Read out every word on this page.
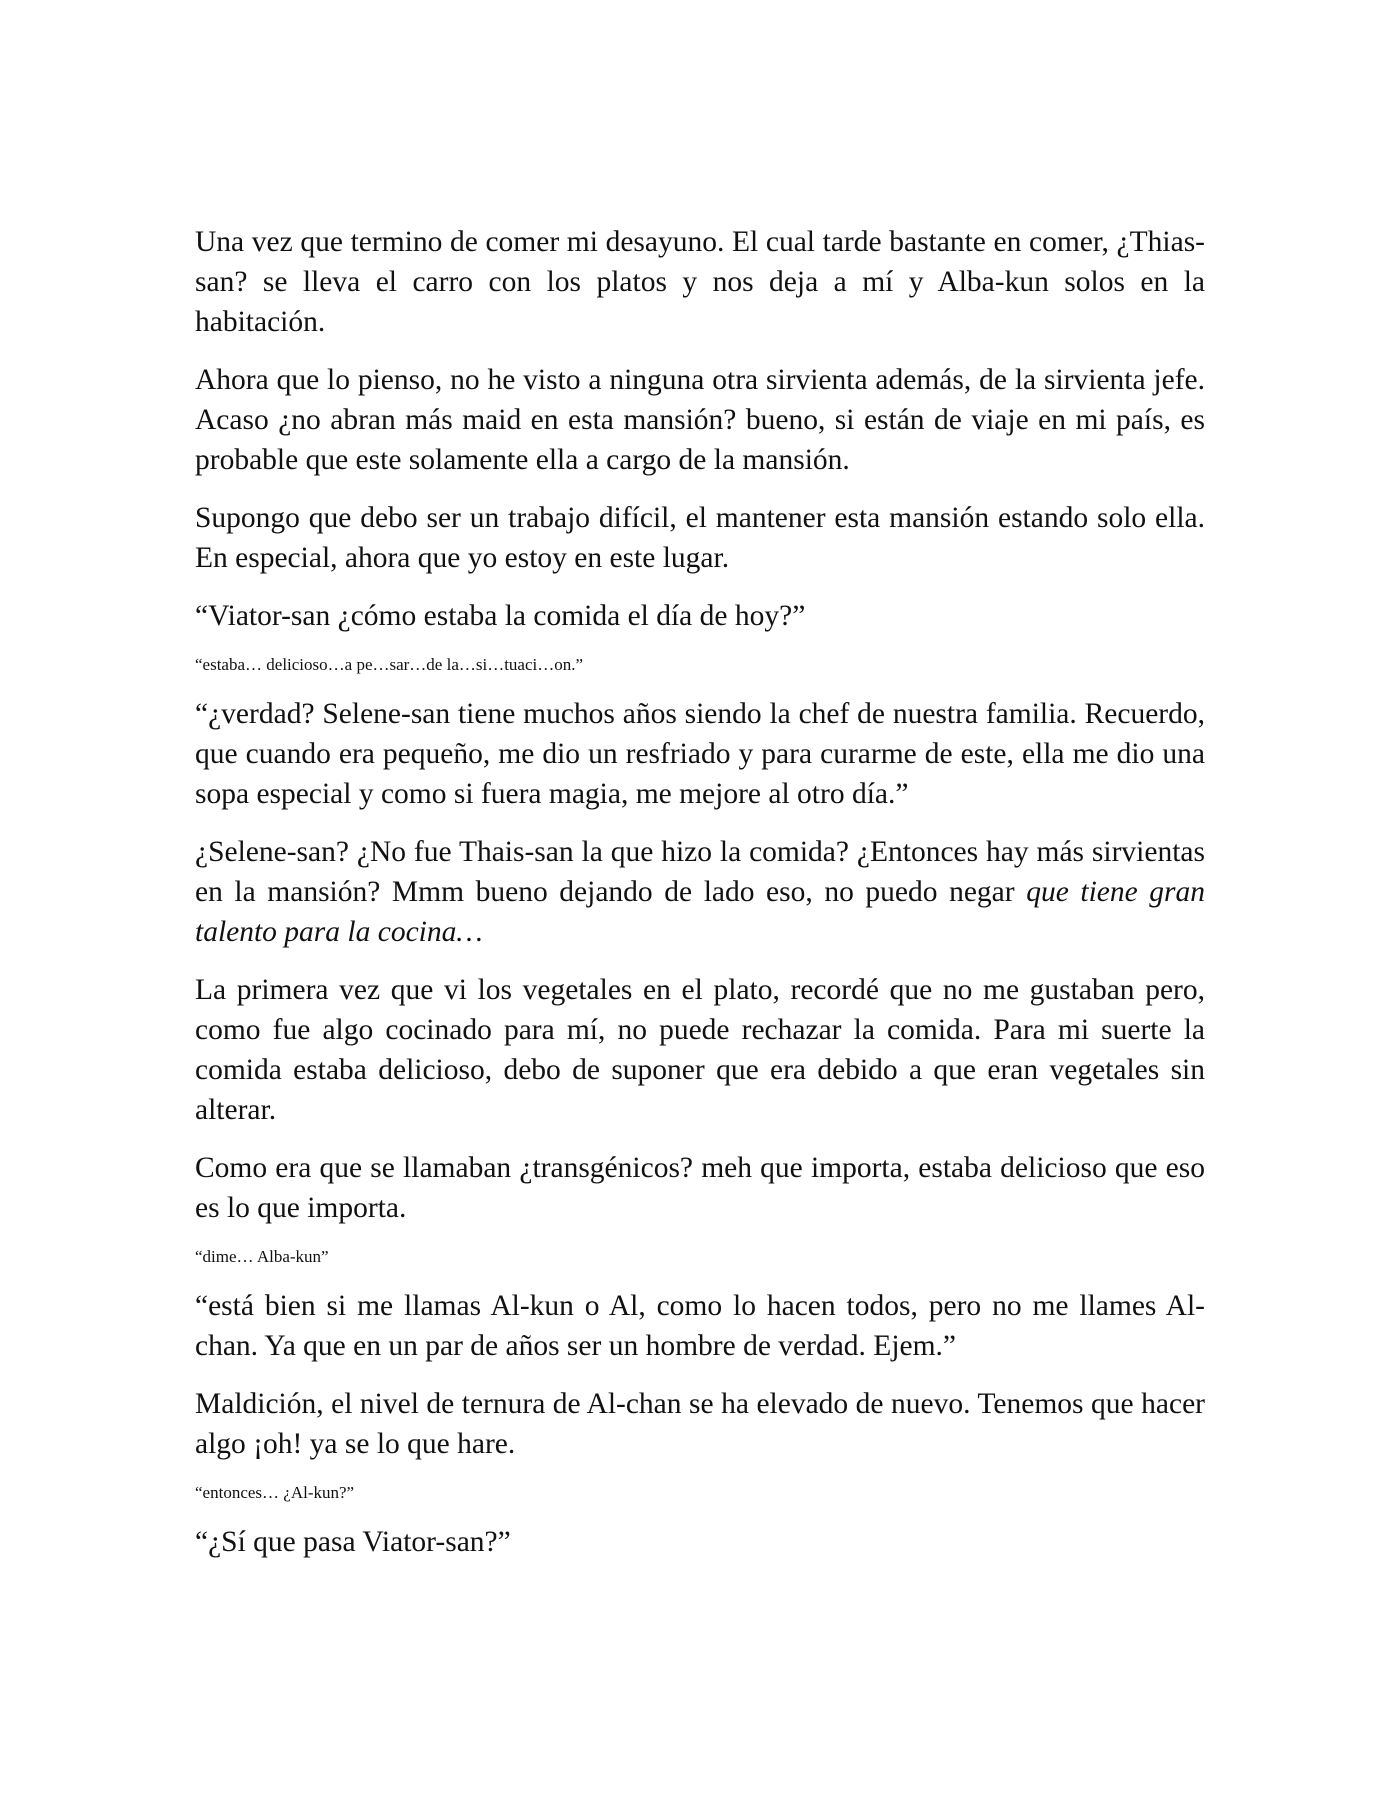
Una vez que termino de comer mi desayuno. El cual tarde bastante en comer, ¿Thias-san? se lleva el carro con los platos y nos deja a mí y Alba-kun solos en la habitación.

Ahora que lo pienso, no he visto a ninguna otra sirvienta además, de la sirvienta jefe. Acaso ¿no abran más maid en esta mansión? bueno, si están de viaje en mi país, es probable que este solamente ella a cargo de la mansión.

Supongo que debo ser un trabajo difícil, el mantener esta mansión estando solo ella. En especial, ahora que yo estoy en este lugar.

“Viator-san ¿cómo estaba la comida el día de hoy?”

“estaba… delicioso…a pe…sar…de la…si…tuaci…on.”

“¿verdad? Selene-san tiene muchos años siendo la chef de nuestra familia. Recuerdo, que cuando era pequeño, me dio un resfriado y para curarme de este, ella me dio una sopa especial y como si fuera magia, me mejore al otro día.”

¿Selene-san? ¿No fue Thais-san la que hizo la comida? ¿Entonces hay más sirvientas en la mansión? Mmm bueno dejando de lado eso, no puedo negar que tiene gran talento para la cocina…

La primera vez que vi los vegetales en el plato, recordé que no me gustaban pero, como fue algo cocinado para mí, no puede rechazar la comida. Para mi suerte la comida estaba delicioso, debo de suponer que era debido a que eran vegetales sin alterar.

Como era que se llamaban ¿transgénicos? meh que importa, estaba delicioso que eso es lo que importa.

“dime… Alba-kun”

“está bien si me llamas Al-kun o Al, como lo hacen todos, pero no me llames Al-chan. Ya que en un par de años ser un hombre de verdad. Ejem.”

Maldición, el nivel de ternura de Al-chan se ha elevado de nuevo. Tenemos que hacer algo ¡oh! ya se lo que hare.

“entonces… ¿Al-kun?”

“¿Sí que pasa Viator-san?”
